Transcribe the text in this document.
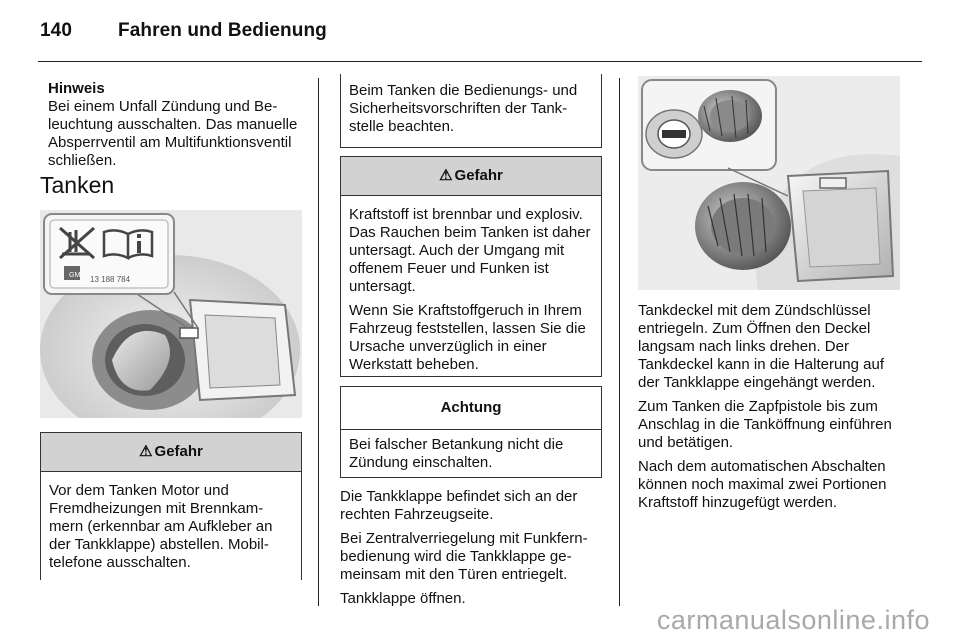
140 Fahren und Bedienung
Hinweis
Bei einem Unfall Zündung und Beleuchtung ausschalten. Das manuelle Absperrventil am Multifunktionsventil schließen.
Tanken
GM 13 188 784
⚠ Gefahr
Vor dem Tanken Motor und Fremdheizungen mit Brennkammern (erkennbar am Aufkleber an der Tankklappe) abstellen. Mobiltelefone ausschalten.
Beim Tanken die Bedienungs- und Sicherheitsvorschriften der Tankstelle beachten.
⚠ Gefahr
Kraftstoff ist brennbar und explosiv. Das Rauchen beim Tanken ist daher untersagt. Auch der Umgang mit offenem Feuer und Funken ist untersagt.
Wenn Sie Kraftstoffgeruch in Ihrem Fahrzeug feststellen, lassen Sie die Ursache unverzüglich in einer Werkstatt beheben.
Achtung
Bei falscher Betankung nicht die Zündung einschalten.
Die Tankklappe befindet sich an der rechten Fahrzeugseite.
Bei Zentralverriegelung mit Funkfernbedienung wird die Tankklappe gemeinsam mit den Türen entriegelt.
Tankklappe öffnen.
Tankdeckel mit dem Zündschlüssel entriegeln. Zum Öffnen den Deckel langsam nach links drehen. Der Tankdeckel kann in die Halterung auf der Tankklappe eingehängt werden.
Zum Tanken die Zapfpistole bis zum Anschlag in die Tanköffnung einführen und betätigen.
Nach dem automatischen Abschalten können noch maximal zwei Portionen Kraftstoff hinzugefügt werden.
carmanualsonline.info
